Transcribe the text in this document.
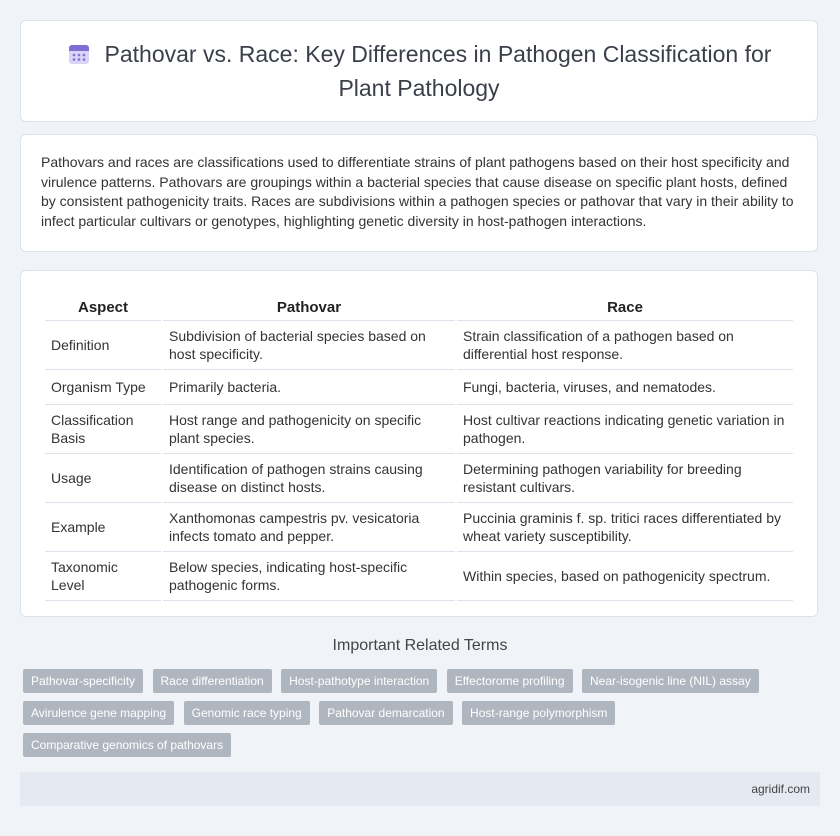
Pathovar vs. Race: Key Differences in Pathogen Classification for Plant Pathology

Pathovars and races are classifications used to differentiate strains of plant pathogens based on their host specificity and virulence patterns. Pathovars are groupings within a bacterial species that cause disease on specific plant hosts, defined by consistent pathogenicity traits. Races are subdivisions within a pathogen species or pathovar that vary in their ability to infect particular cultivars or genotypes, highlighting genetic diversity in host-pathogen interactions.

Aspect	Pathovar	Race
Definition	Subdivision of bacterial species based on host specificity.	Strain classification of a pathogen based on differential host response.
Organism Type	Primarily bacteria.	Fungi, bacteria, viruses, and nematodes.
Classification Basis	Host range and pathogenicity on specific plant species.	Host cultivar reactions indicating genetic variation in pathogen.
Usage	Identification of pathogen strains causing disease on distinct hosts.	Determining pathogen variability for breeding resistant cultivars.
Example	Xanthomonas campestris pv. vesicatoria infects tomato and pepper.	Puccinia graminis f. sp. tritici races differentiated by wheat variety susceptibility.
Taxonomic Level	Below species, indicating host-specific pathogenic forms.	Within species, based on pathogenicity spectrum.
Important Related Terms
Pathovar-specificity Race differentiation Host-pathotype interaction Effectorome profiling Near-isogenic line (NIL) assay Avirulence gene mapping Genomic race typing Pathovar demarcation Host-range polymorphism Comparative genomics of pathovars
agridif.com
